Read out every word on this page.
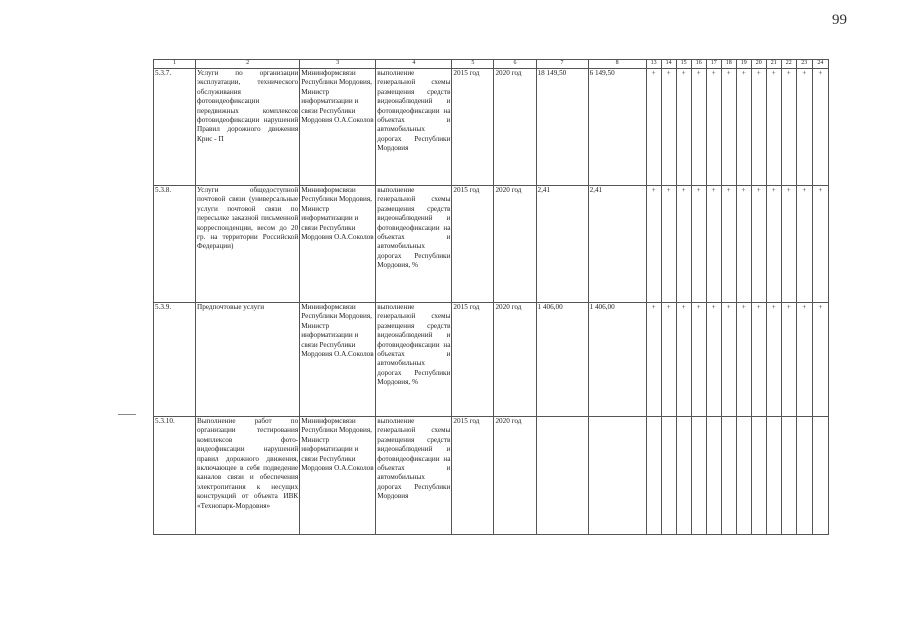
99
1	2	3	4	5	6	7	8	13	14	15	16	17	18	19	20	21	22	23	24
5.3.7.	Услуги по организации эксплуатации, технического обслуживания фотовидеофиксации передвижных комплексов фотовидеофиксации нарушений Правил дорожного движения Крис - П	Мининформсвязи Республики Мордовия, Министр информатизации и связи Республики Мордовия О.А.Соколов	выполнение генеральной схемы размещения средств видеонаблюдений и фотовидеофиксации на объектах и автомобильных дорогах Республики Мордовия	2015 год	2020 год	18 149,50	6 149,50	+	+	+	+	+	+	+	+	+	+	+	+
5.3.8.	Услуги общедоступной почтовой связи (универсальные услуги почтовой связи по пересылке заказной письменной корреспонденции, весом до 20 гр. на территории Российской Федерации)	Мининформсвязи Республики Мордовия, Министр информатизации и связи Республики Мордовия О.А.Соколов	выполнение генеральной схемы размещения средств видеонаблюдений и фотовидеофиксации на объектах и автомобильных дорогах Республики Мордовия, %	2015 год	2020 год	2,41	2,41	+	+	+	+	+	+	+	+	+	+	+	+
5.3.9.	Предпочтовые услуги	Мининформсвязи Республики Мордовия, Министр информатизации и связи Республики Мордовия О.А.Соколов	выполнение генеральной схемы размещения средств видеонаблюдений и фотовидеофиксации на объектах и автомобильных дорогах Республики Мордовия, %	2015 год	2020 год	1 406,00	1 406,00	+	+	+	+	+	+	+	+	+	+	+	+
5.3.10.	Выполнение работ по организации тестирования комплексов фото-видеофиксации нарушений правил дорожного движения, включающее в себя подведение каналов связи и обеспечения электропитания к несущих конструкций от объекта ИВК «Технопарк-Мордовия»	Мининформсвязи Республики Мордовия, Министр информатизации и связи Республики Мордовия О.А.Соколов	выполнение генеральной схемы размещения средств видеонаблюдений и фотовидеофиксации на объектах и автомобильных дорогах Республики Мордовия	2015 год	2020 год														
